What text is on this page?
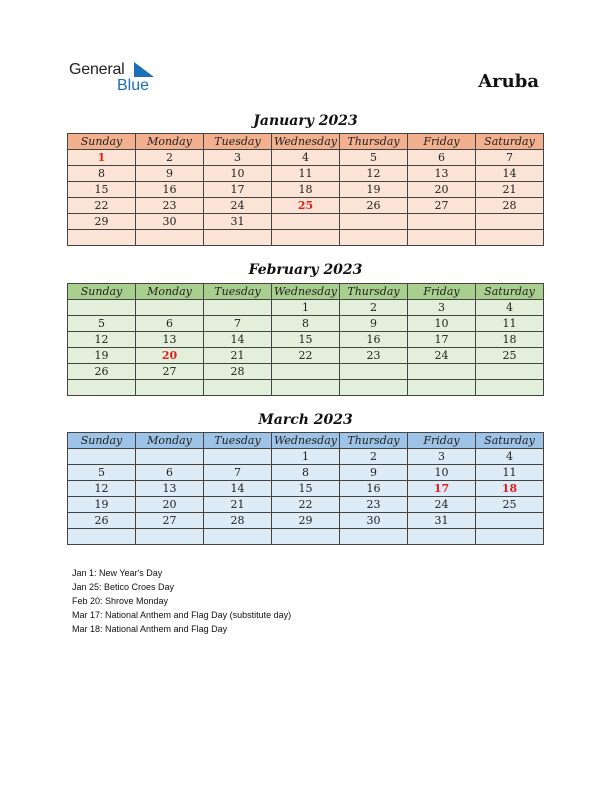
General
Blue	Aruba
January 2023
Sunday	Monday	Tuesday	Wednesday	Thursday	Friday	Saturday
1	2	3	4	5	6	7
8	9	10	11	12	13	14
15	16	17	18	19	20	21
22	23	24	25	26	27	28
29	30	31				

February 2023
Sunday	Monday	Tuesday	Wednesday	Thursday	Friday	Saturday
			1	2	3	4
5	6	7	8	9	10	11
12	13	14	15	16	17	18
19	20	21	22	23	24	25
26	27	28				

March 2023
Sunday	Monday	Tuesday	Wednesday	Thursday	Friday	Saturday
			1	2	3	4
5	6	7	8	9	10	11
12	13	14	15	16	17	18
19	20	21	22	23	24	25
26	27	28	29	30	31	

Jan 1: New Year's Day
Jan 25: Betico Croes Day
Feb 20: Shrove Monday
Mar 17: National Anthem and Flag Day (substitute day)
Mar 18: National Anthem and Flag Day
